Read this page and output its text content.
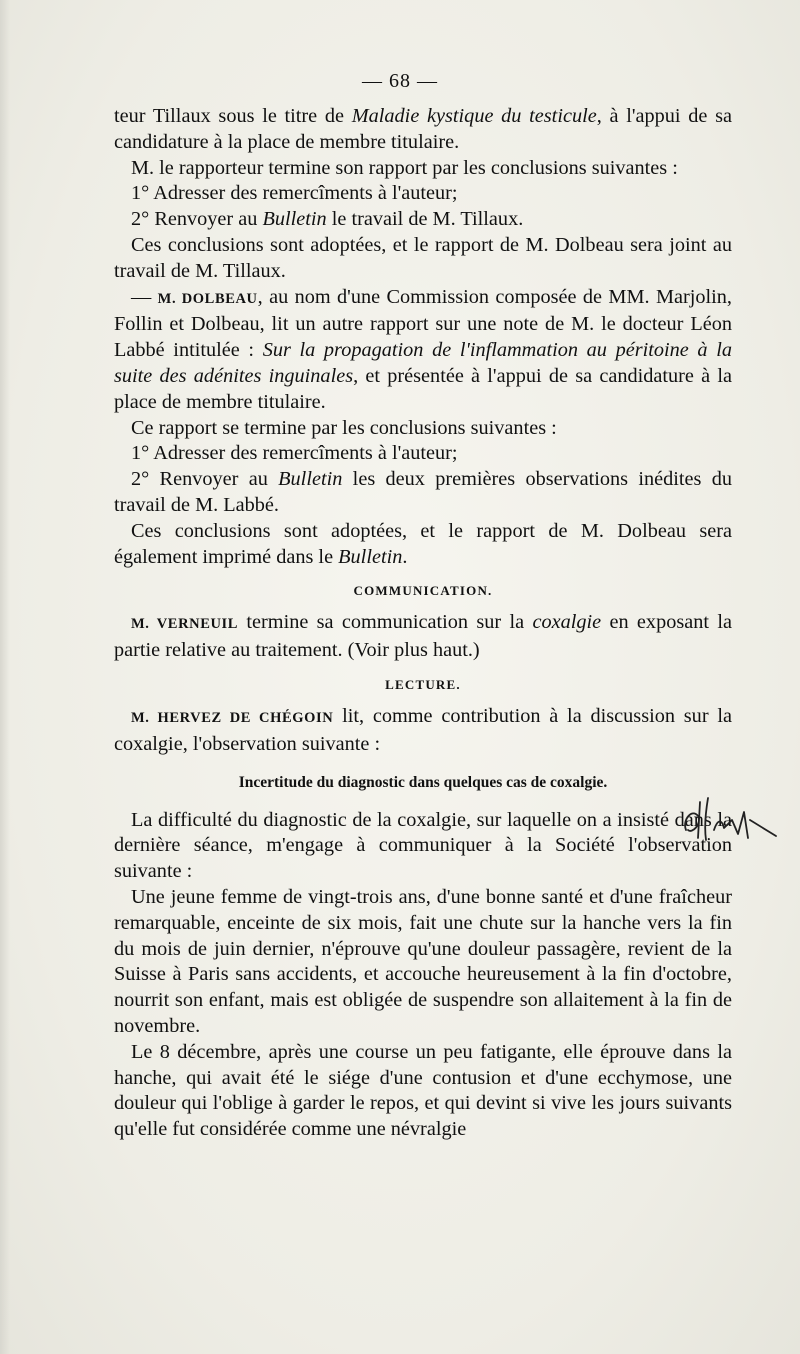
— 68 —

teur Tillaux sous le titre de Maladie kystique du testicule, à l'appui de sa candidature à la place de membre titulaire.

M. le rapporteur termine son rapport par les conclusions suivantes :

1° Adresser des remercîments à l'auteur;

2° Renvoyer au Bulletin le travail de M. Tillaux.

Ces conclusions sont adoptées, et le rapport de M. Dolbeau sera joint au travail de M. Tillaux.

— M. DOLBEAU, au nom d'une Commission composée de MM. Marjolin, Follin et Dolbeau, lit un autre rapport sur une note de M. le docteur Léon Labbé intitulée : Sur la propagation de l'inflammation au péritoine à la suite des adénites inguinales, et présentée à l'appui de sa candidature à la place de membre titulaire.

Ce rapport se termine par les conclusions suivantes :

1° Adresser des remercîments à l'auteur;

2° Renvoyer au Bulletin les deux premières observations inédites du travail de M. Labbé.

Ces conclusions sont adoptées, et le rapport de M. Dolbeau sera également imprimé dans le Bulletin.

COMMUNICATION.

M. VERNEUIL termine sa communication sur la coxalgie en exposant la partie relative au traitement. (Voir plus haut.)

LECTURE.

M. HERVEZ DE CHÉGOIN lit, comme contribution à la discussion sur la coxalgie, l'observation suivante :

Incertitude du diagnostic dans quelques cas de coxalgie.

La difficulté du diagnostic de la coxalgie, sur laquelle on a insisté dans la dernière séance, m'engage à communiquer à la Société l'observation suivante :

Une jeune femme de vingt-trois ans, d'une bonne santé et d'une fraîcheur remarquable, enceinte de six mois, fait une chute sur la hanche vers la fin du mois de juin dernier, n'éprouve qu'une douleur passagère, revient de la Suisse à Paris sans accidents, et accouche heureusement à la fin d'octobre, nourrit son enfant, mais est obligée de suspendre son allaitement à la fin de novembre.

Le 8 décembre, après une course un peu fatigante, elle éprouve dans la hanche, qui avait été le siége d'une contusion et d'une ecchymose, une douleur qui l'oblige à garder le repos, et qui devint si vive les jours suivants qu'elle fut considérée comme une névralgie
